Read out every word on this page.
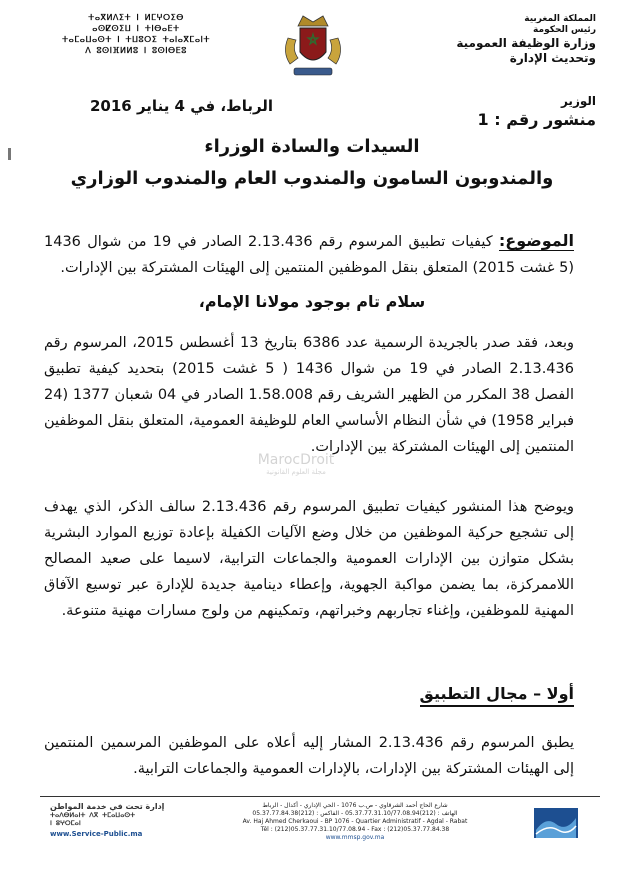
ⵜⴰⴳⵍⴷⵉⵜ ⵏ ⵍⵎⵖⵔⵉⴱ
ⴰⵙⵇⵙⵉⵡ ⵏ ⵜⵏⴱⴰⴹⵜ
ⵜⴰⵎⴰⵡⴰⵙⵜ ⵏ ⵜⵡⵓⵔⵉ ⵜⴰⵏⴰⴳⵎⴰⵏⵜ
ⴷ ⵓⵙⵏⴼⵍⵍⵓ ⵏ ⵓⵙⵏⴱⴹⵓ
المملكة المغربية
رئيس الحكومة
وزارة الوظيفة العمومية
وتحديث الإدارة
الوزير
منشور رقم : 1
الرباط، في 4 يناير 2016
السيدات والسادة الوزراء
والمندوبون السامون والمندوب العام والمندوب الوزاري
الموضوع: كيفيات تطبيق المرسوم رقم 2.13.436 الصادر في 19 من شوال 1436 (5 غشت 2015) المتعلق بنقل الموظفين المنتمين إلى الهيئات المشتركة بين الإدارات.
سلام تام بوجود مولانا الإمام،
وبعد، فقد صدر بالجريدة الرسمية عدد 6386 بتاريخ 13 أغسطس 2015، المرسوم رقم 2.13.436 الصادر في 19 من شوال 1436 ( 5 غشت 2015) بتحديد كيفية تطبيق الفصل 38 المكرر من الظهير الشريف رقم 1.58.008 الصادر في 04 شعبان 1377 (24 فبراير 1958) في شأن النظام الأساسي العام للوظيفة العمومية، المتعلق بنقل الموظفين المنتمين إلى الهيئات المشتركة بين الإدارات.
MarocDroit
مجلة العلوم القانونية
ويوضح هذا المنشور كيفيات تطبيق المرسوم رقم 2.13.436 سالف الذكر، الذي يهدف إلى تشجيع حركية الموظفين من خلال وضع الآليات الكفيلة بإعادة توزيع الموارد البشرية بشكل متوازن بين الإدارات العمومية والجماعات الترابية، لاسيما على صعيد المصالح اللاممركزة، بما يضمن مواكبة الجهوية، وإعطاء دينامية جديدة للإدارة عبر توسيع الآفاق المهنية للموظفين، وإغناء تجاربهم وخبراتهم، وتمكينهم من ولوج مسارات مهنية متنوعة.
أولا – مجال التطبيق
يطبق المرسوم رقم 2.13.436 المشار إليه أعلاه على الموظفين المرسمين المنتمين إلى الهيئات المشتركة بين الإدارات، بالإدارات العمومية والجماعات الترابية.
إدارة تحت في خدمة المواطن
ⵜⴰⴷⴱⵍⴰⵏⵜ ⴷⴳ ⵜⵎⴰⵡⴰⵙⵜ
ⵏ ⵓⵖⵔⵎⴰⵏ
www.Service-Public.ma
شارع الحاج أحمد الشرقاوي - ص.ب 1076 - الحي الإداري - أكدال - الرباط
الهاتف : (212)05.37.77.31.10/77.08.94 - الفاكس : (212)05.37.77.84.38
Av. Haj Ahmed Cherkaoui - BP 1076 - Quartier Administratif - Agdal - Rabat
Tél : (212)05.37.77.31.10/77.08.94 - Fax : (212)05.37.77.84.38
www.mmsp.gov.ma
